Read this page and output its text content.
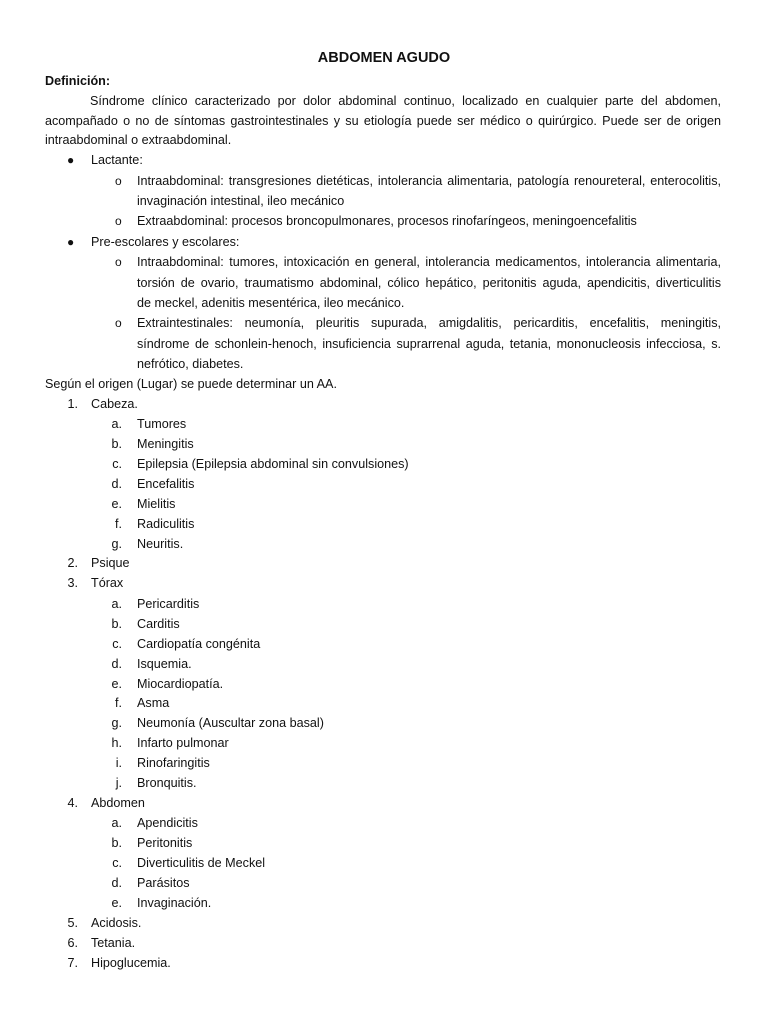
ABDOMEN AGUDO
Definición:
Síndrome clínico caracterizado por dolor abdominal continuo, localizado en cualquier parte del abdomen,
acompañado o no de síntomas gastrointestinales y su etiología puede ser médico o quirúrgico. Puede ser de origen
intraabdominal o extraabdominal.
● Lactante:
o Intraabdominal: transgresiones dietéticas, intolerancia alimentaria, patología renoureteral, enterocolitis,
invaginación intestinal, ileo mecánico
o Extraabdominal: procesos broncopulmonares, procesos rinofaríngeos, meningoencefalitis
● Pre-escolares y escolares:
o Intraabdominal: tumores, intoxicación en general, intolerancia medicamentos, intolerancia alimentaria,
torsión de ovario, traumatismo abdominal, cólico hepático, peritonitis aguda, apendicitis, diverticulitis
de meckel, adenitis mesentérica, ileo mecánico.
o Extraintestinales: neumonía, pleuritis supurada, amigdalitis, pericarditis, encefalitis, meningitis,
síndrome de schonlein-henoch, insuficiencia suprarrenal aguda, tetania, mononucleosis infecciosa, s.
nefrótico, diabetes.
Según el origen (Lugar) se puede determinar un AA.
1. Cabeza.
a. Tumores
b. Meningitis
c. Epilepsia (Epilepsia abdominal sin convulsiones)
d. Encefalitis
e. Mielitis
f. Radiculitis
g. Neuritis.
2. Psique
3. Tórax
a. Pericarditis
b. Carditis
c. Cardiopatía congénita
d. Isquemia.
e. Miocardiopatía.
f. Asma
g. Neumonía (Auscultar zona basal)
h. Infarto pulmonar
i. Rinofaringitis
j. Bronquitis.
4. Abdomen
a. Apendicitis
b. Peritonitis
c. Diverticulitis de Meckel
d. Parásitos
e. Invaginación.
5. Acidosis.
6. Tetania.
7. Hipoglucemia.
